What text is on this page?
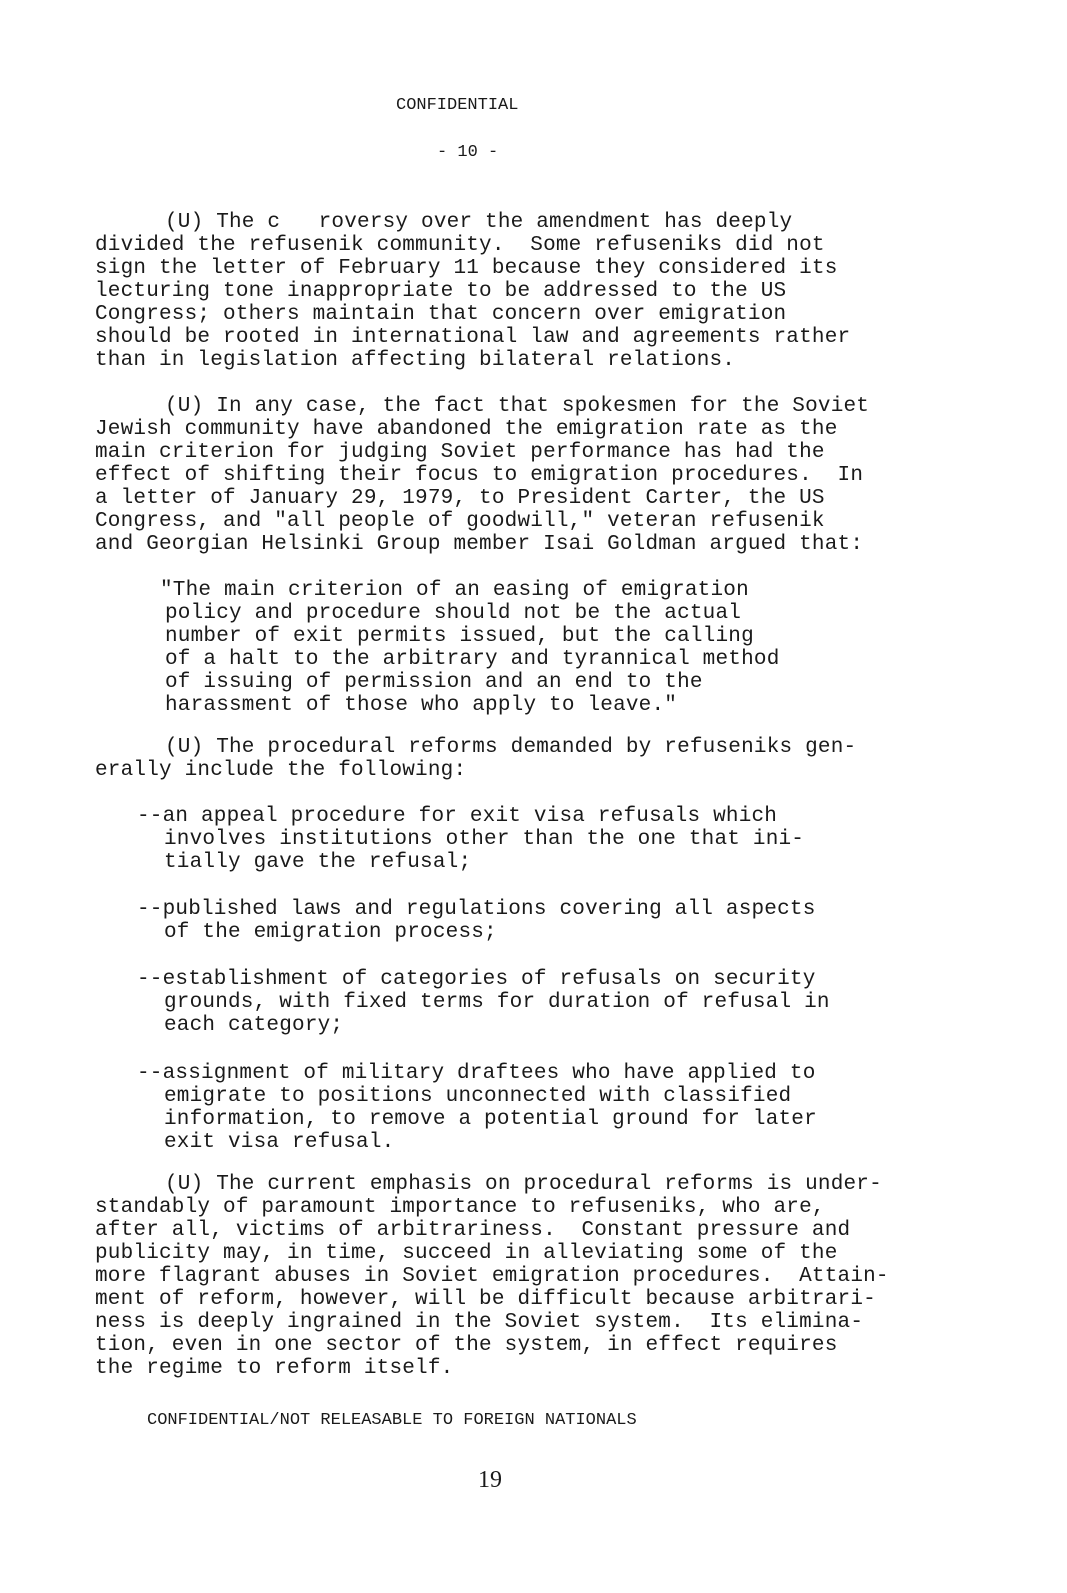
CONFIDENTIAL
- 10 -
(U) The c   roversy over the amendment has deeply
divided the refusenik community.  Some refuseniks did not
sign the letter of February 11 because they considered its
lecturing tone inappropriate to be addressed to the US
Congress; others maintain that concern over emigration
should be rooted in international law and agreements rather
than in legislation affecting bilateral relations.
(U) In any case, the fact that spokesmen for the Soviet
Jewish community have abandoned the emigration rate as the
main criterion for judging Soviet performance has had the
effect of shifting their focus to emigration procedures.  In
a letter of January 29, 1979, to President Carter, the US
Congress, and "all people of goodwill," veteran refusenik
and Georgian Helsinki Group member Isai Goldman argued that:
"The main criterion of an easing of emigration
policy and procedure should not be the actual
number of exit permits issued, but the calling
of a halt to the arbitrary and tyrannical method
of issuing of permission and an end to the
harassment of those who apply to leave."
(U) The procedural reforms demanded by refuseniks gen-
erally include the following:
--an appeal procedure for exit visa refusals which
involves institutions other than the one that ini-
tially gave the refusal;
--published laws and regulations covering all aspects
of the emigration process;
--establishment of categories of refusals on security
grounds, with fixed terms for duration of refusal in
each category;
--assignment of military draftees who have applied to
emigrate to positions unconnected with classified
information, to remove a potential ground for later
exit visa refusal.
(U) The current emphasis on procedural reforms is under-
standably of paramount importance to refuseniks, who are,
after all, victims of arbitrariness.  Constant pressure and
publicity may, in time, succeed in alleviating some of the
more flagrant abuses in Soviet emigration procedures.  Attain-
ment of reform, however, will be difficult because arbitrari-
ness is deeply ingrained in the Soviet system.  Its elimina-
tion, even in one sector of the system, in effect requires
the regime to reform itself.
CONFIDENTIAL/NOT RELEASABLE TO FOREIGN NATIONALS
19
